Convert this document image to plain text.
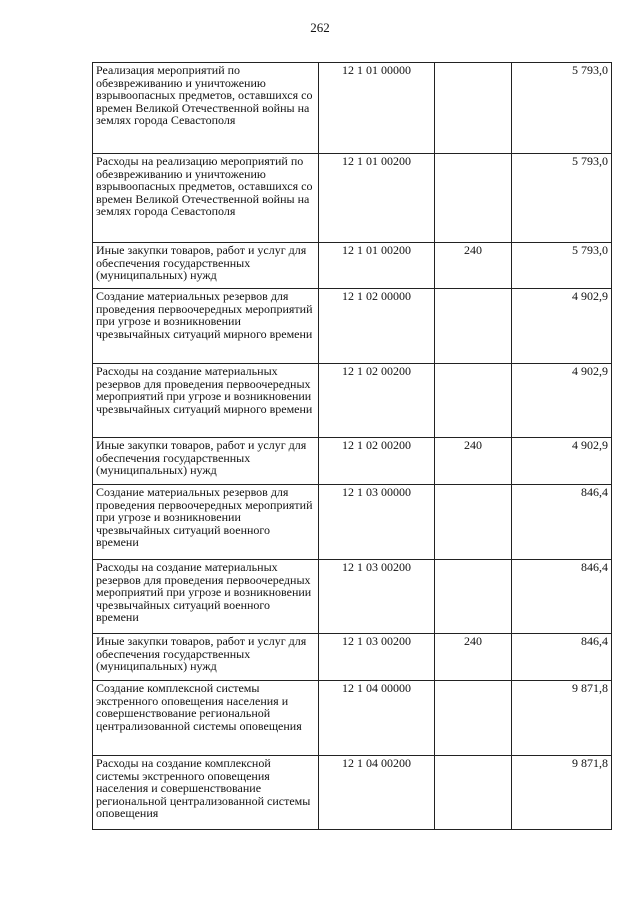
262
Реализация мероприятий по обезвреживанию и уничтожению взрывоопасных предметов, оставшихся со времен Великой Отечественной войны на землях города Севастополя	12 1 01 00000		5 793,0
Расходы на реализацию мероприятий по обезвреживанию и уничтожению взрывоопасных предметов, оставшихся со времен Великой Отечественной войны на землях города Севастополя	12 1 01 00200		5 793,0
Иные закупки товаров, работ и услуг для обеспечения государственных (муниципальных) нужд	12 1 01 00200	240	5 793,0
Создание материальных резервов для проведения первоочередных мероприятий при угрозе и возникновении чрезвычайных ситуаций мирного времени	12 1 02 00000		4 902,9
Расходы на создание материальных резервов для проведения первоочередных мероприятий при угрозе и возникновении чрезвычайных ситуаций мирного времени	12 1 02 00200		4 902,9
Иные закупки товаров, работ и услуг для обеспечения государственных (муниципальных) нужд	12 1 02 00200	240	4 902,9
Создание материальных резервов для проведения первоочередных мероприятий при угрозе и возникновении чрезвычайных ситуаций военного времени	12 1 03 00000		846,4
Расходы на создание материальных резервов для проведения первоочередных мероприятий при угрозе и возникновении чрезвычайных ситуаций военного времени	12 1 03 00200		846,4
Иные закупки товаров, работ и услуг для обеспечения государственных (муниципальных) нужд	12 1 03 00200	240	846,4
Создание комплексной системы экстренного оповещения населения и совершенствование региональной централизованной системы оповещения	12 1 04 00000		9 871,8
Расходы на создание комплексной системы экстренного оповещения населения и совершенствование региональной централизованной системы оповещения	12 1 04 00200		9 871,8
